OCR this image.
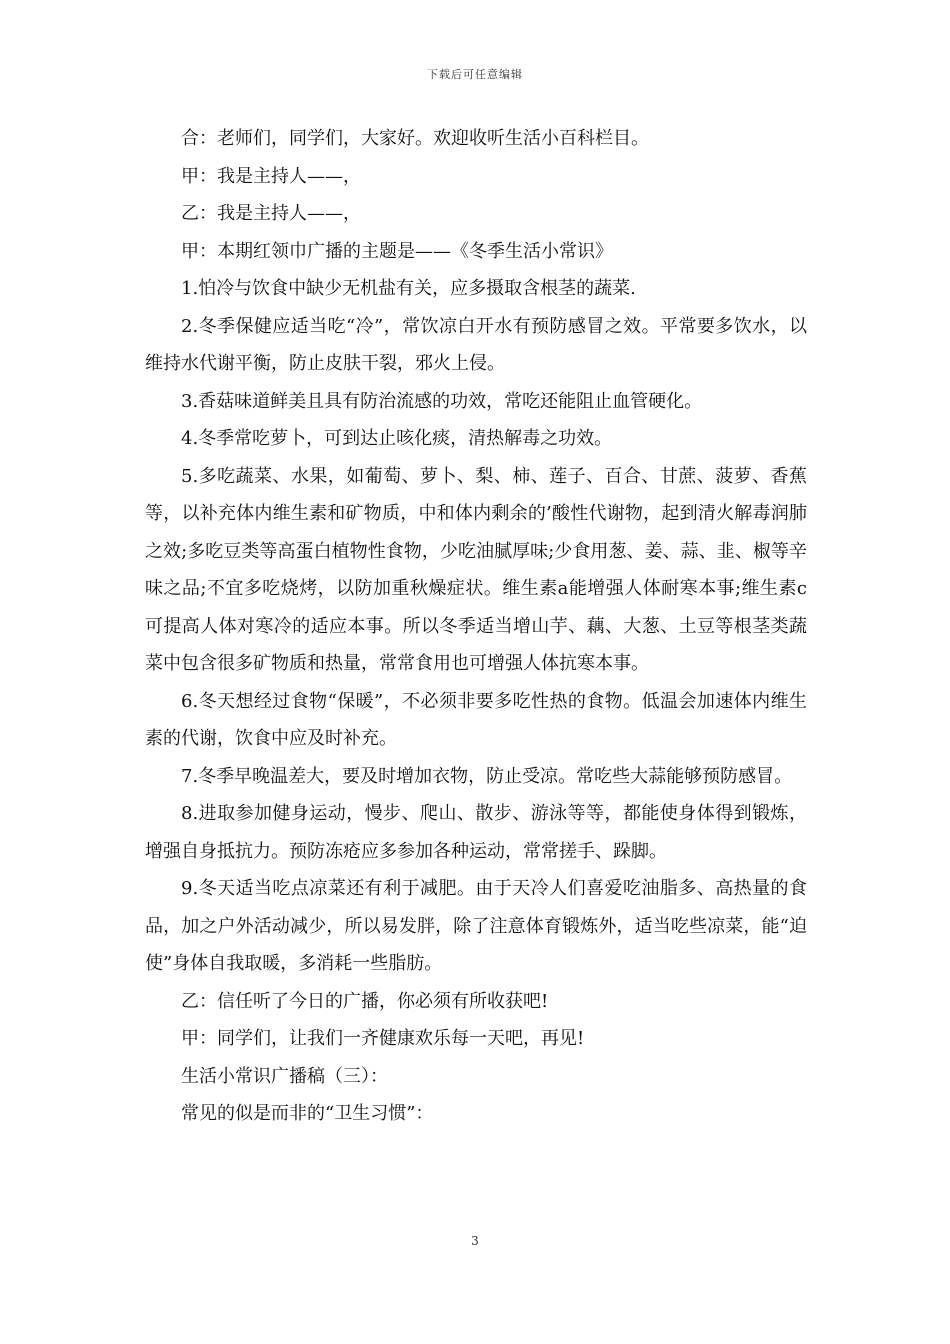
下载后可任意编辑

合：老师们，同学们，大家好。欢迎收听生活小百科栏目。

甲：我是主持人——，

乙：我是主持人——，

甲：本期红领巾广播的主题是——《冬季生活小常识》

1.怕冷与饮食中缺少无机盐有关，应多摄取含根茎的蔬菜.

2.冬季保健应适当吃“冷”，常饮凉白开水有预防感冒之效。平常要多饮水，以维持水代谢平衡，防止皮肤干裂，邪火上侵。

3.香菇味道鲜美且具有防治流感的功效，常吃还能阻止血管硬化。

4.冬季常吃萝卜，可到达止咳化痰，清热解毒之功效。

5.多吃蔬菜、水果，如葡萄、萝卜、梨、柿、莲子、百合、甘蔗、菠萝、香蕉等，以补充体内维生素和矿物质，中和体内剩余的’酸性代谢物，起到清火解毒润肺之效;多吃豆类等高蛋白植物性食物，少吃油腻厚味;少食用葱、姜、蒜、韭、椒等辛味之品;不宜多吃烧烤，以防加重秋燥症状。维生素a能增强人体耐寒本事;维生素c可提高人体对寒冷的适应本事。所以冬季适当增山芋、藕、大葱、土豆等根茎类蔬菜中包含很多矿物质和热量，常常食用也可增强人体抗寒本事。

6.冬天想经过食物“保暖”，不必须非要多吃性热的食物。低温会加速体内维生素的代谢，饮食中应及时补充。

7.冬季早晚温差大，要及时增加衣物，防止受凉。常吃些大蒜能够预防感冒。

8.进取参加健身运动，慢步、爬山、散步、游泳等等，都能使身体得到锻炼，增强自身抵抗力。预防冻疮应多参加各种运动，常常搓手、跺脚。

9.冬天适当吃点凉菜还有利于减肥。由于天冷人们喜爱吃油脂多、高热量的食品，加之户外活动减少，所以易发胖，除了注意体育锻炼外，适当吃些凉菜，能“迫使”身体自我取暖，多消耗一些脂肪。

乙：信任听了今日的广播，你必须有所收获吧!

甲：同学们，让我们一齐健康欢乐每一天吧，再见!

生活小常识广播稿（三）：

常见的似是而非的“卫生习惯”：

3
